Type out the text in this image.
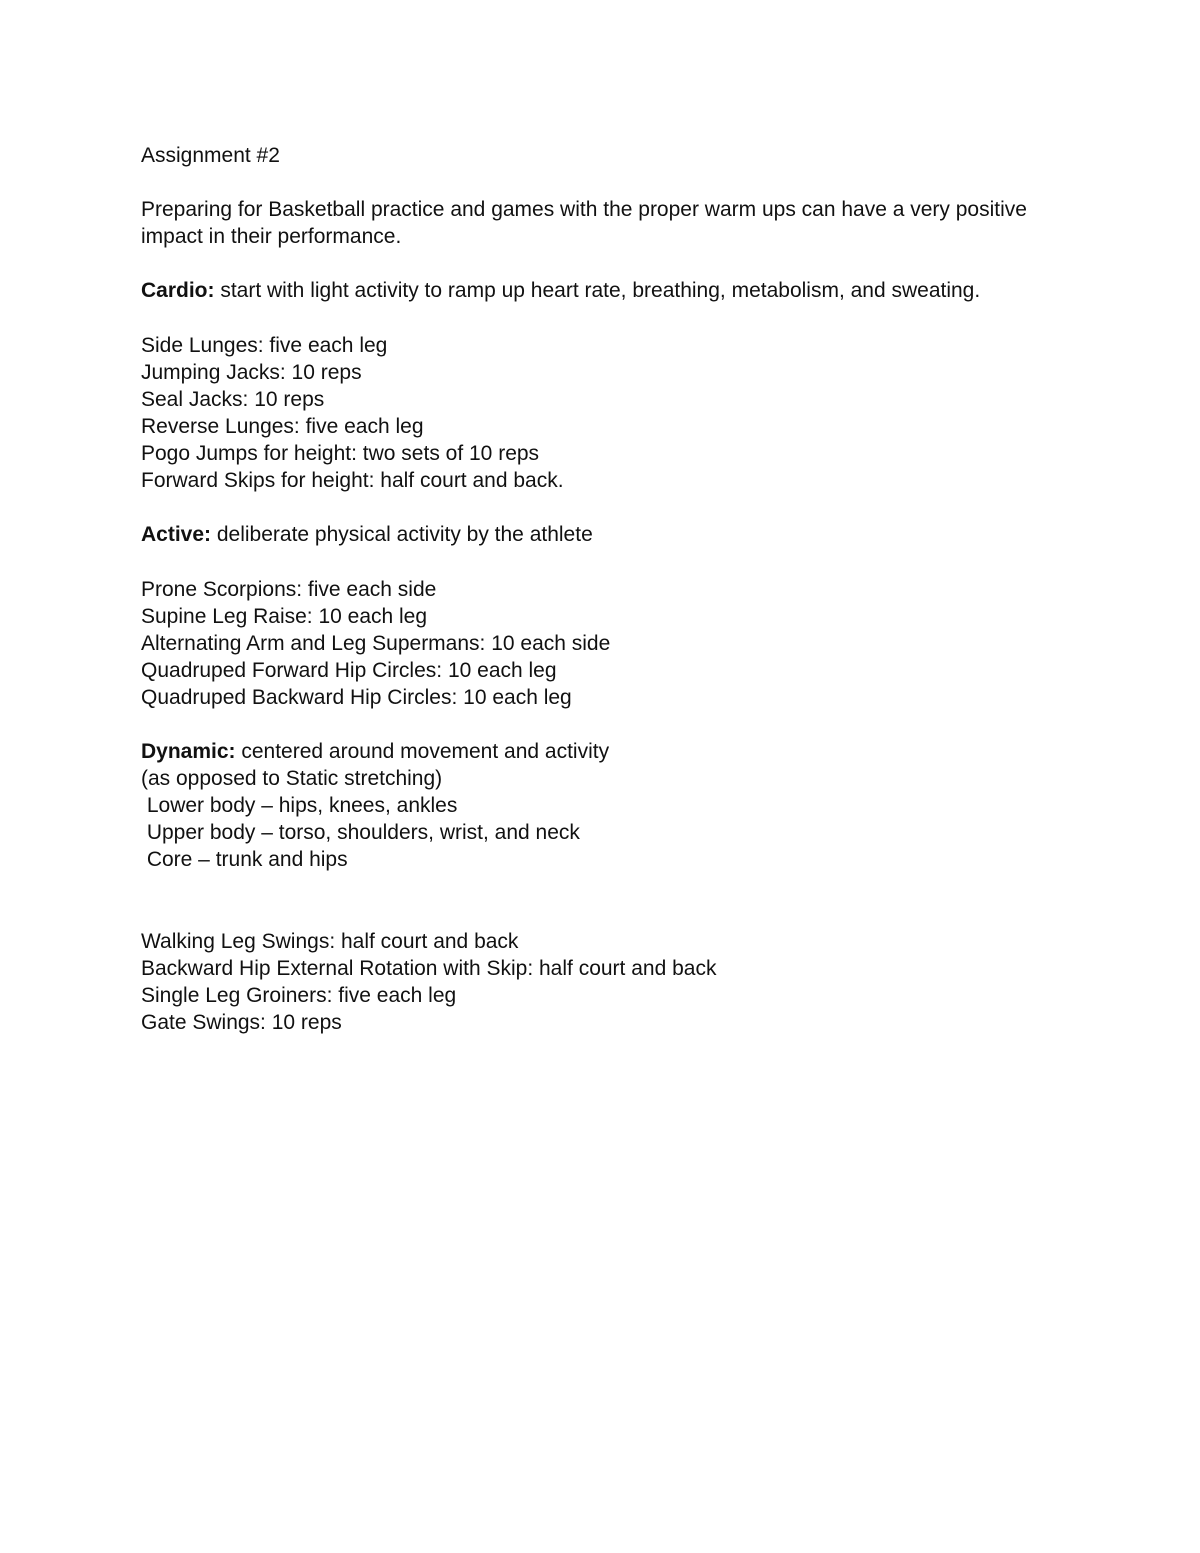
Assignment #2
Preparing for Basketball practice and games with the proper warm ups can have a very positive impact in their performance.
Cardio: start with light activity to ramp up heart rate, breathing, metabolism, and sweating.
Side Lunges: five each leg
Jumping Jacks: 10 reps
Seal Jacks: 10 reps
Reverse Lunges: five each leg
Pogo Jumps for height: two sets of 10 reps
Forward Skips for height: half court and back.
Active: deliberate physical activity by the athlete
Prone Scorpions: five each side
Supine Leg Raise: 10 each leg
Alternating Arm and Leg Supermans: 10 each side
Quadruped Forward Hip Circles: 10 each leg
Quadruped Backward Hip Circles: 10 each leg
Dynamic: centered around movement and activity
(as opposed to Static stretching)
Lower body – hips, knees, ankles
Upper body – torso, shoulders, wrist, and neck
Core – trunk and hips
Walking Leg Swings: half court and back
Backward Hip External Rotation with Skip: half court and back
Single Leg Groiners: five each leg
Gate Swings: 10 reps
